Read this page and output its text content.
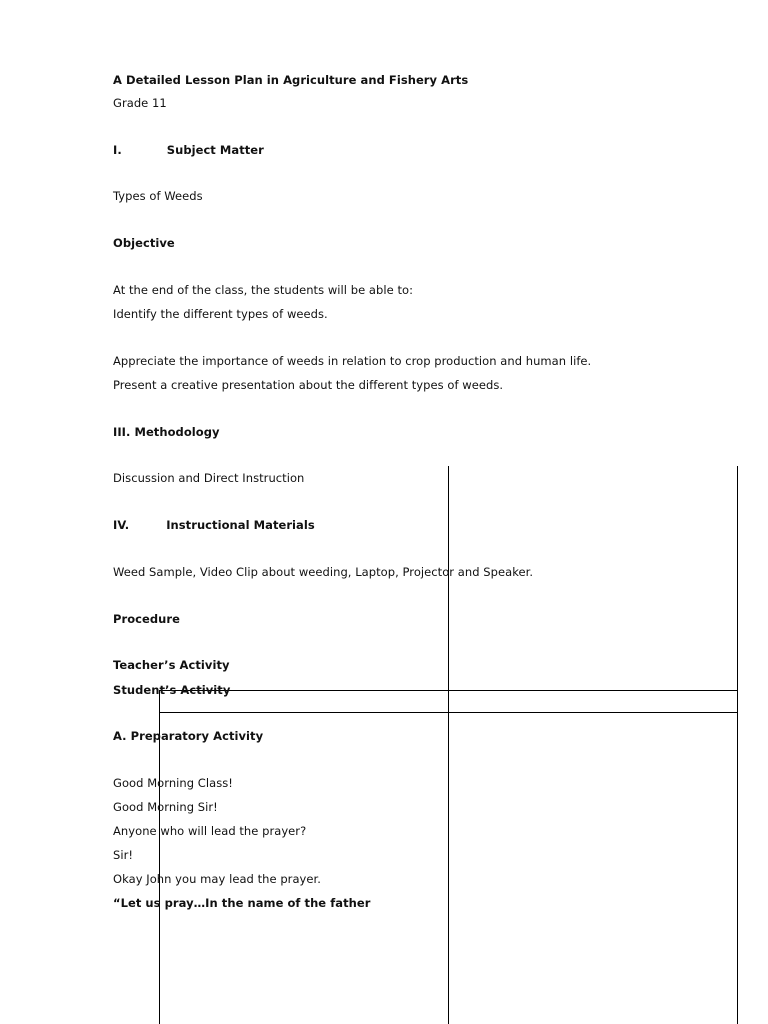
A Detailed Lesson Plan in Agriculture and Fishery Arts
Grade 11
I.	Subject Matter
Types of Weeds
Objective
At the end of the class, the students will be able to:
Identify the different types of weeds.
Appreciate the importance of weeds in relation to crop production and human life.
Present a creative presentation about the different types of weeds.
III. Methodology
Discussion and Direct Instruction
IV.	Instructional Materials
Weed Sample, Video Clip about weeding, Laptop, Projector and Speaker.
Procedure
Teacher’s Activity
Student’s Activity
A. Preparatory Activity
Good Morning Class!
Good Morning Sir!
Anyone who will lead the prayer?
Sir!
Okay John you may lead the prayer.
“Let us pray…In the name of the father
